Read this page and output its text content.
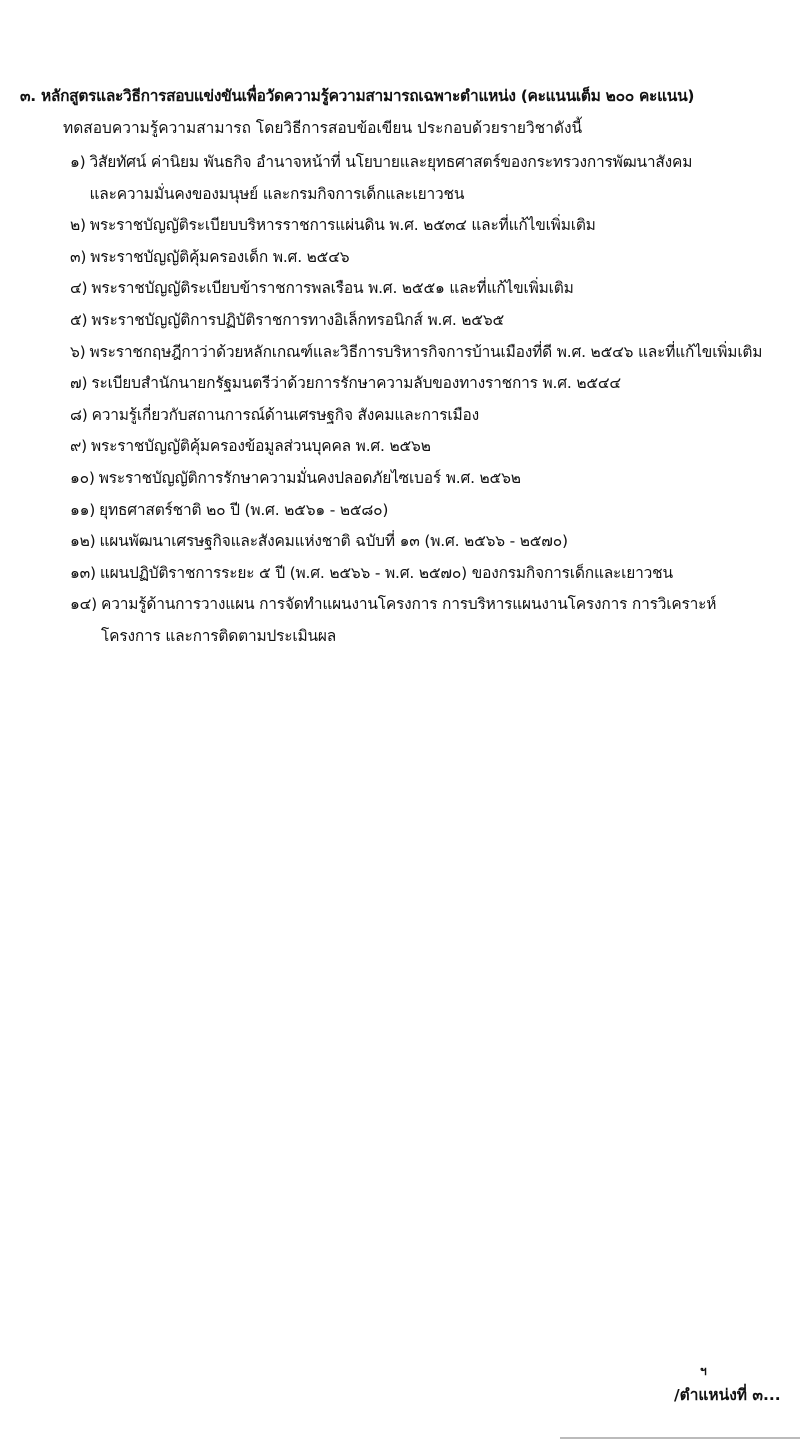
๓. หลักสูตรและวิธีการสอบแข่งขันเพื่อวัดความรู้ความสามารถเฉพาะตำแหน่ง (คะแนนเต็ม ๒๐๐ คะแนน)
ทดสอบความรู้ความสามารถ โดยวิธีการสอบข้อเขียน ประกอบด้วยรายวิชาดังนี้
๑) วิสัยทัศน์ ค่านิยม พันธกิจ อำนาจหน้าที่ นโยบายและยุทธศาสตร์ของกระทรวงการพัฒนาสังคม
และความมั่นคงของมนุษย์ และกรมกิจการเด็กและเยาวชน
๒) พระราชบัญญัติระเบียบบริหารราชการแผ่นดิน พ.ศ. ๒๕๓๔ และที่แก้ไขเพิ่มเติม
๓) พระราชบัญญัติคุ้มครองเด็ก พ.ศ. ๒๕๔๖
๔) พระราชบัญญัติระเบียบข้าราชการพลเรือน พ.ศ. ๒๕๕๑ และที่แก้ไขเพิ่มเติม
๕) พระราชบัญญัติการปฏิบัติราชการทางอิเล็กทรอนิกส์ พ.ศ. ๒๕๖๕
๖) พระราชกฤษฎีกาว่าด้วยหลักเกณฑ์และวิธีการบริหารกิจการบ้านเมืองที่ดี พ.ศ. ๒๕๔๖ และที่แก้ไขเพิ่มเติม
๗) ระเบียบสำนักนายกรัฐมนตรีว่าด้วยการรักษาความลับของทางราชการ พ.ศ. ๒๕๔๔
๘) ความรู้เกี่ยวกับสถานการณ์ด้านเศรษฐกิจ สังคมและการเมือง
๙) พระราชบัญญัติคุ้มครองข้อมูลส่วนบุคคล พ.ศ. ๒๕๖๒
๑๐) พระราชบัญญัติการรักษาความมั่นคงปลอดภัยไซเบอร์ พ.ศ. ๒๕๖๒
๑๑) ยุทธศาสตร์ชาติ ๒๐ ปี (พ.ศ. ๒๕๖๑ - ๒๕๘๐)
๑๒) แผนพัฒนาเศรษฐกิจและสังคมแห่งชาติ ฉบับที่ ๑๓ (พ.ศ. ๒๕๖๖ - ๒๕๗๐)
๑๓) แผนปฏิบัติราชการระยะ ๕ ปี (พ.ศ. ๒๕๖๖ - พ.ศ. ๒๕๗๐) ของกรมกิจการเด็กและเยาวชน
๑๔) ความรู้ด้านการวางแผน การจัดทำแผนงานโครงการ การบริหารแผนงานโครงการ การวิเคราะห์
โครงการ และการติดตามประเมินผล
ฯ
/ตำแหน่งที่ ๓...
